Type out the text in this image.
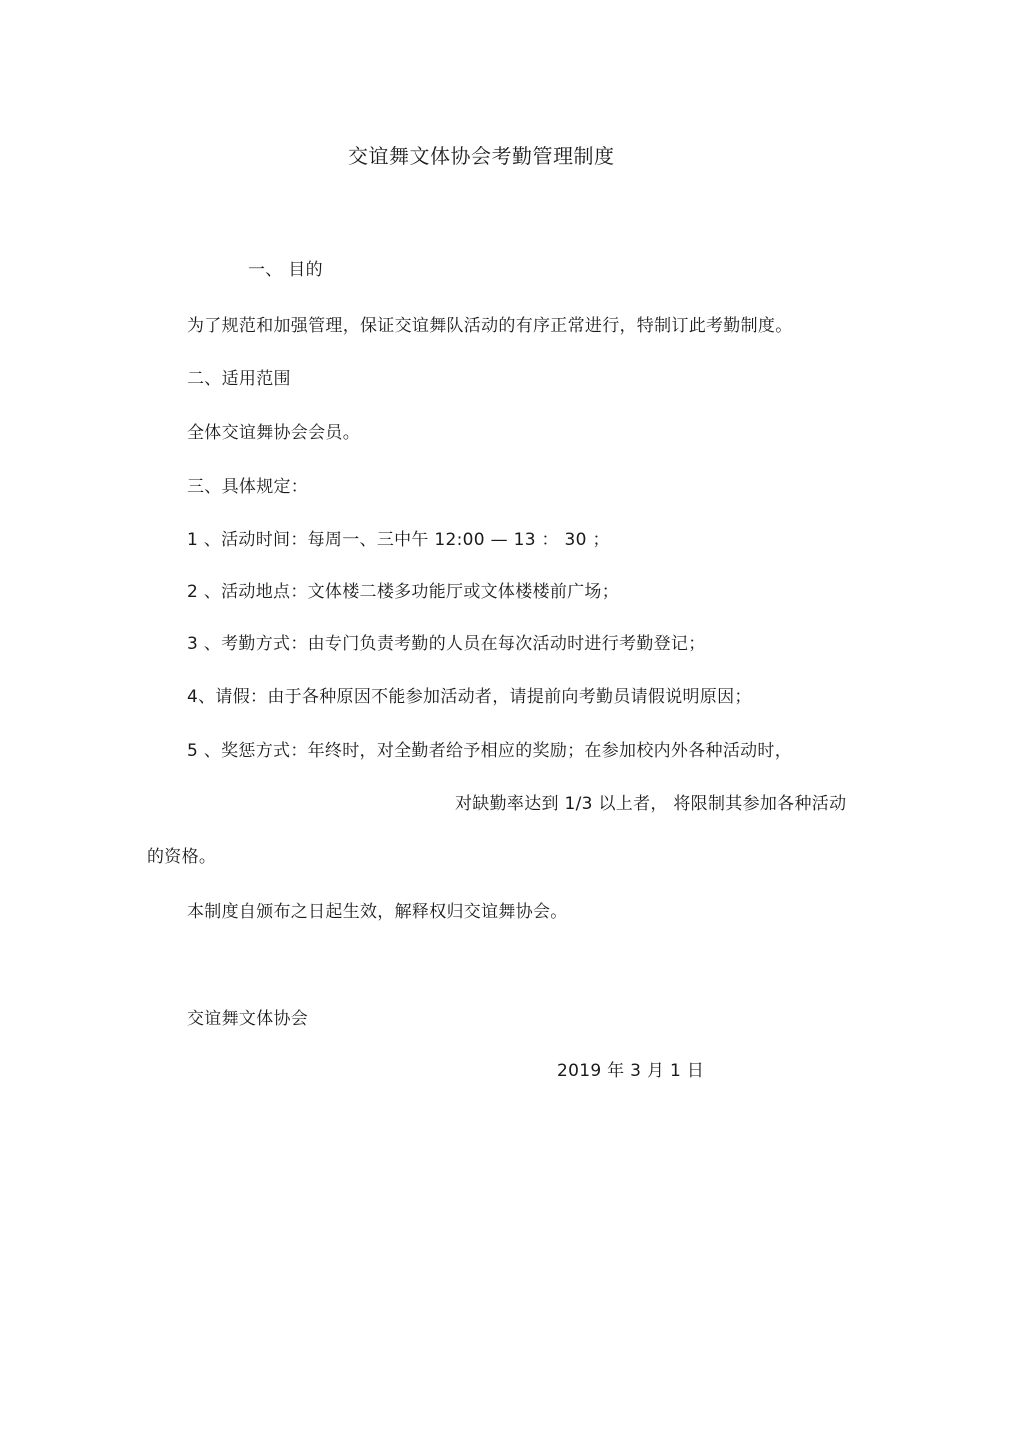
交谊舞文体协会考勤管理制度
一、 目的
为了规范和加强管理，保证交谊舞队活动的有序正常进行，特制订此考勤制度。
二、适用范围
全体交谊舞协会会员。
三、具体规定：
1 、活动时间：每周一、三中午 12:00 — 13 ： 30 ；
2 、活动地点：文体楼二楼多功能厅或文体楼楼前广场；
3 、考勤方式：由专门负责考勤的人员在每次活动时进行考勤登记；
4、请假：由于各种原因不能参加活动者，请提前向考勤员请假说明原因；
5 、奖惩方式：年终时，对全勤者给予相应的奖励；在参加校内外各种活动时，
对缺勤率达到 1/3 以上者， 将限制其参加各种活动
的资格。
本制度自颁布之日起生效，解释权归交谊舞协会。
交谊舞文体协会
2019 年 3 月 1 日
